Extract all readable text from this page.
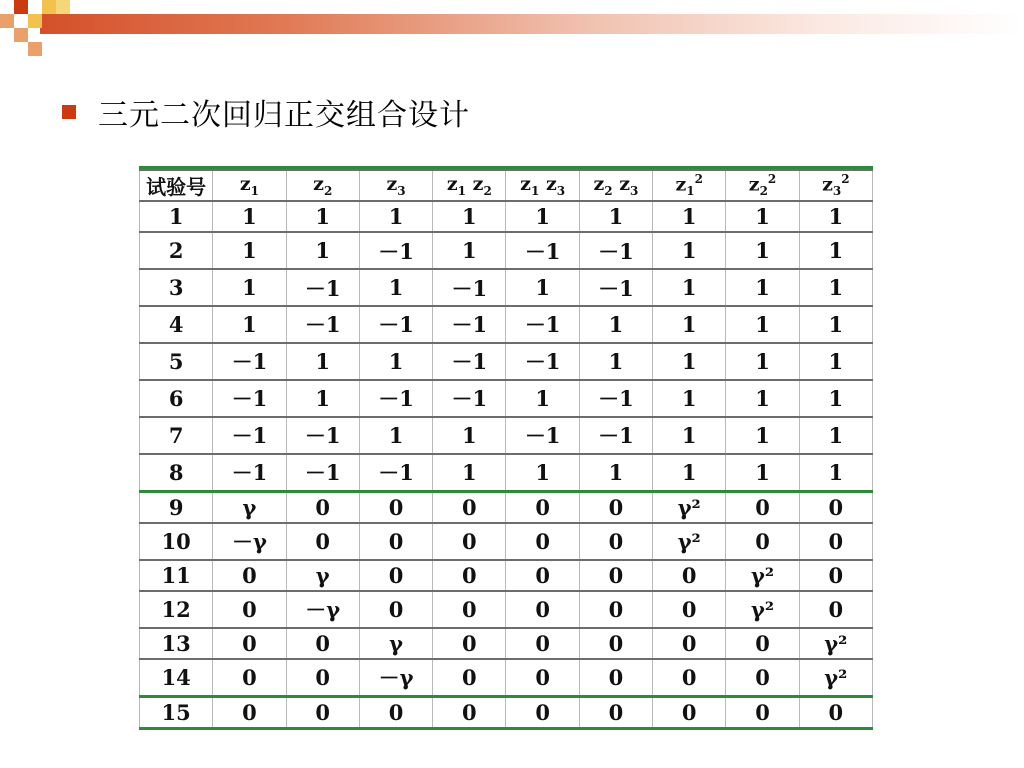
三元二次回归正交组合设计
试验号	$z_1$	$z_2$	$z_3$	$z_1$ $z_2$	$z_1$ $z_3$	$z_2$ $z_3$	$z_1^2$	$z_2^2$	$z_3^2$
1	1	1	1	1	1	1	1	1	1
2	1	1	－1	1	－1	－1	1	1	1
3	1	－1	1	－1	1	－1	1	1	1
4	1	－1	－1	－1	－1	1	1	1	1
5	－1	1	1	－1	－1	1	1	1	1
6	－1	1	－1	－1	1	－1	1	1	1
7	－1	－1	1	1	－1	－1	1	1	1
8	－1	－1	－1	1	1	1	1	1	1
9	γ	0	0	0	0	0	γ²	0	0
10	－γ	0	0	0	0	0	γ²	0	0
11	0	γ	0	0	0	0	0	γ²	0
12	0	－γ	0	0	0	0	0	γ²	0
13	0	0	γ	0	0	0	0	0	γ²
14	0	0	－γ	0	0	0	0	0	γ²
15	0	0	0	0	0	0	0	0	0
